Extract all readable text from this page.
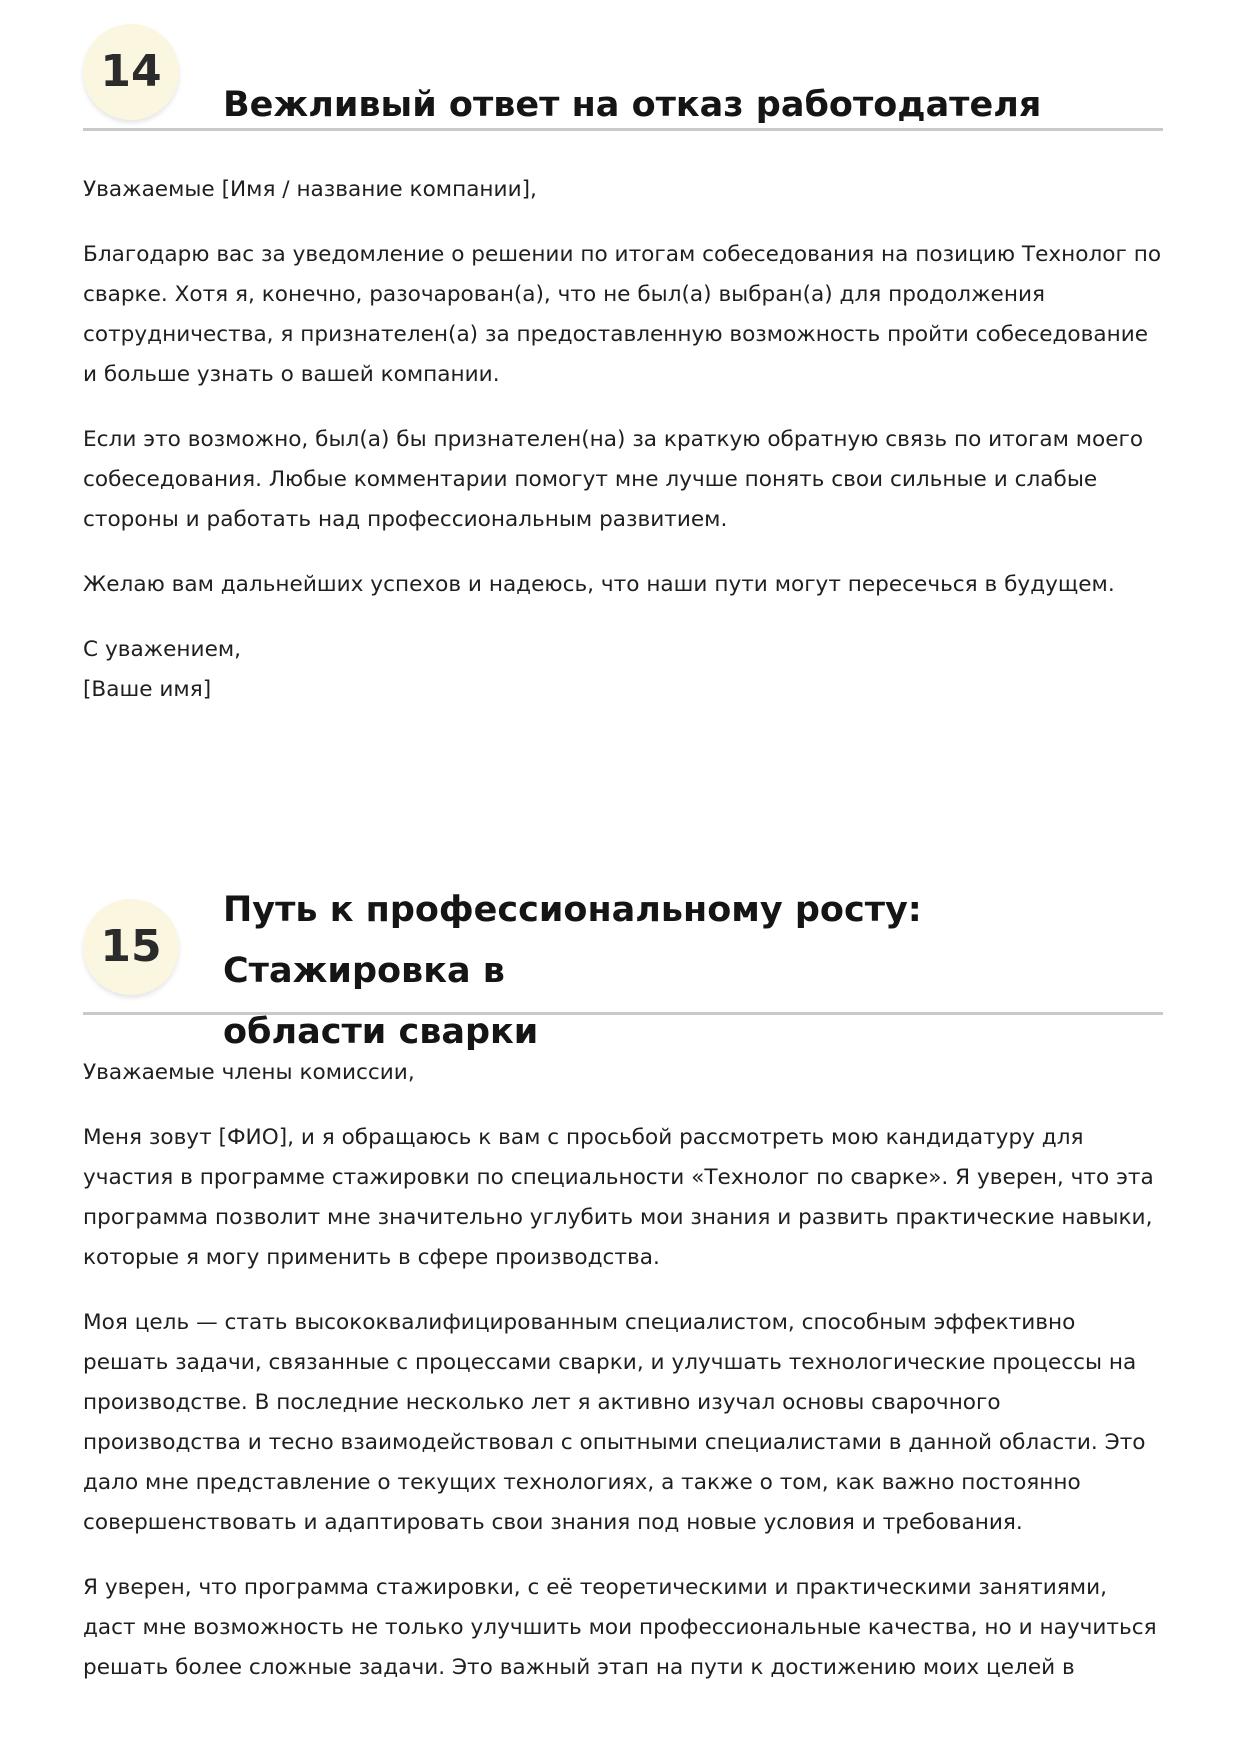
14
Вежливый ответ на отказ работодателя

Уважаемые [Имя / название компании],

Благодарю вас за уведомление о решении по итогам собеседования на позицию Технолог по сварке. Хотя я, конечно, разочарован(а), что не был(а) выбран(а) для продолжения сотрудничества, я признателен(а) за предоставленную возможность пройти собеседование и больше узнать о вашей компании.

Если это возможно, был(а) бы признателен(на) за краткую обратную связь по итогам моего собеседования. Любые комментарии помогут мне лучше понять свои сильные и слабые стороны и работать над профессиональным развитием.

Желаю вам дальнейших успехов и надеюсь, что наши пути могут пересечься в будущем.

С уважением,

[Ваше имя]

15
Путь к профессиональному росту: Стажировка в
области сварки

Уважаемые члены комиссии,

Меня зовут [ФИО], и я обращаюсь к вам с просьбой рассмотреть мою кандидатуру для участия в программе стажировки по специальности «Технолог по сварке». Я уверен, что эта программа позволит мне значительно углубить мои знания и развить практические навыки, которые я могу применить в сфере производства.

Моя цель — стать высококвалифицированным специалистом, способным эффективно решать задачи, связанные с процессами сварки, и улучшать технологические процессы на производстве. В последние несколько лет я активно изучал основы сварочного производства и тесно взаимодействовал с опытными специалистами в данной области. Это дало мне представление о текущих технологиях, а также о том, как важно постоянно совершенствовать и адаптировать свои знания под новые условия и требования.

Я уверен, что программа стажировки, с её теоретическими и практическими занятиями, даст мне возможность не только улучшить мои профессиональные качества, но и научиться решать более сложные задачи. Это важный этап на пути к достижению моих целей в
